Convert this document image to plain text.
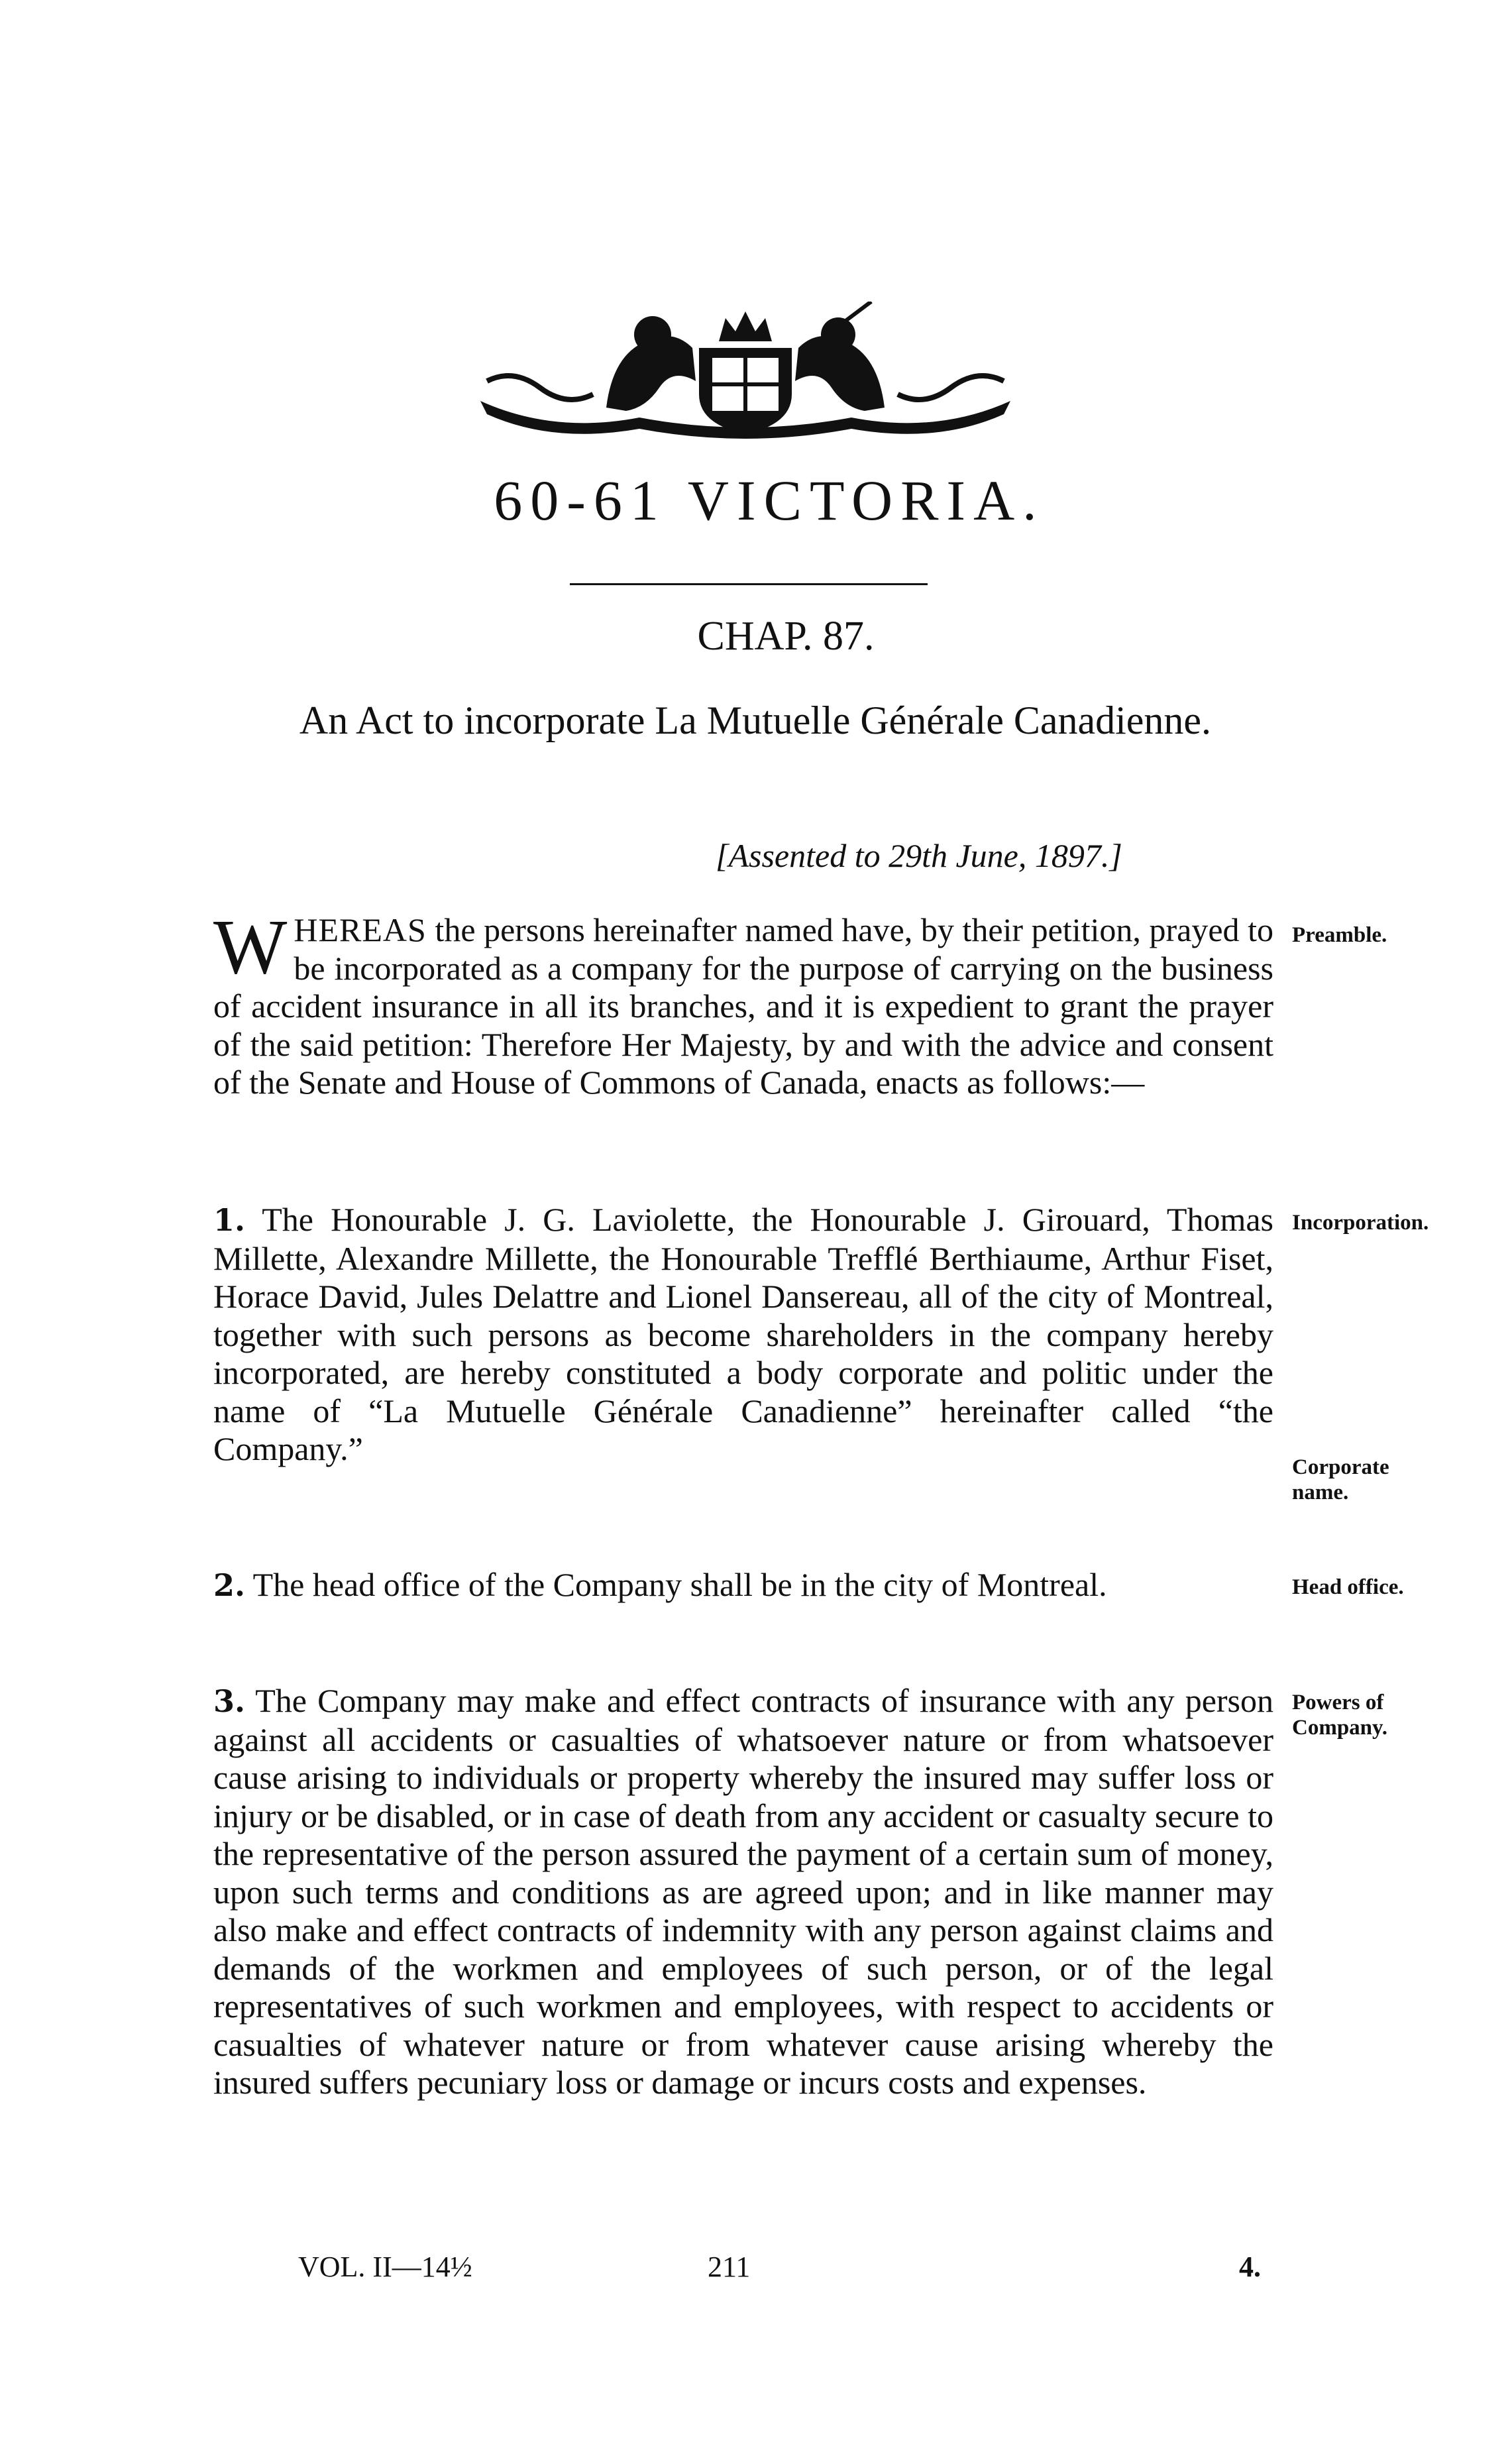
60-61 VICTORIA.
CHAP. 87.
An Act to incorporate La Mutuelle Générale Canadienne.
[Assented to 29th June, 1897.]
WHEREAS the persons hereinafter named have, by their petition, prayed to be incorporated as a company for the purpose of carrying on the business of accident insurance in all its branches, and it is expedient to grant the prayer of the said petition: Therefore Her Majesty, by and with the advice and consent of the Senate and House of Commons of Canada, enacts as follows:—
Preamble.
1. The Honourable J. G. Laviolette, the Honourable J. Girouard, Thomas Millette, Alexandre Millette, the Honourable Trefflé Berthiaume, Arthur Fiset, Horace David, Jules Delattre and Lionel Dansereau, all of the city of Montreal, together with such persons as become shareholders in the company hereby incorporated, are hereby constituted a body corporate and politic under the name of “La Mutuelle Générale Canadienne” hereinafter called “the Company.”
Incorporation.
Corporate name.
2. The head office of the Company shall be in the city of Montreal.	Head office.
3. The Company may make and effect contracts of insurance with any person against all accidents or casualties of whatsoever nature or from whatsoever cause arising to individuals or property whereby the insured may suffer loss or injury or be disabled, or in case of death from any accident or casualty secure to the representative of the person assured the payment of a certain sum of money, upon such terms and conditions as are agreed upon; and in like manner may also make and effect contracts of indemnity with any person against claims and demands of the workmen and employees of such person, or of the legal representatives of such workmen and employees, with respect to accidents or casualties of whatever nature or from whatever cause arising whereby the insured suffers pecuniary loss or damage or incurs costs and expenses.
Powers of Company.
VOL. II—14½	211	4.
